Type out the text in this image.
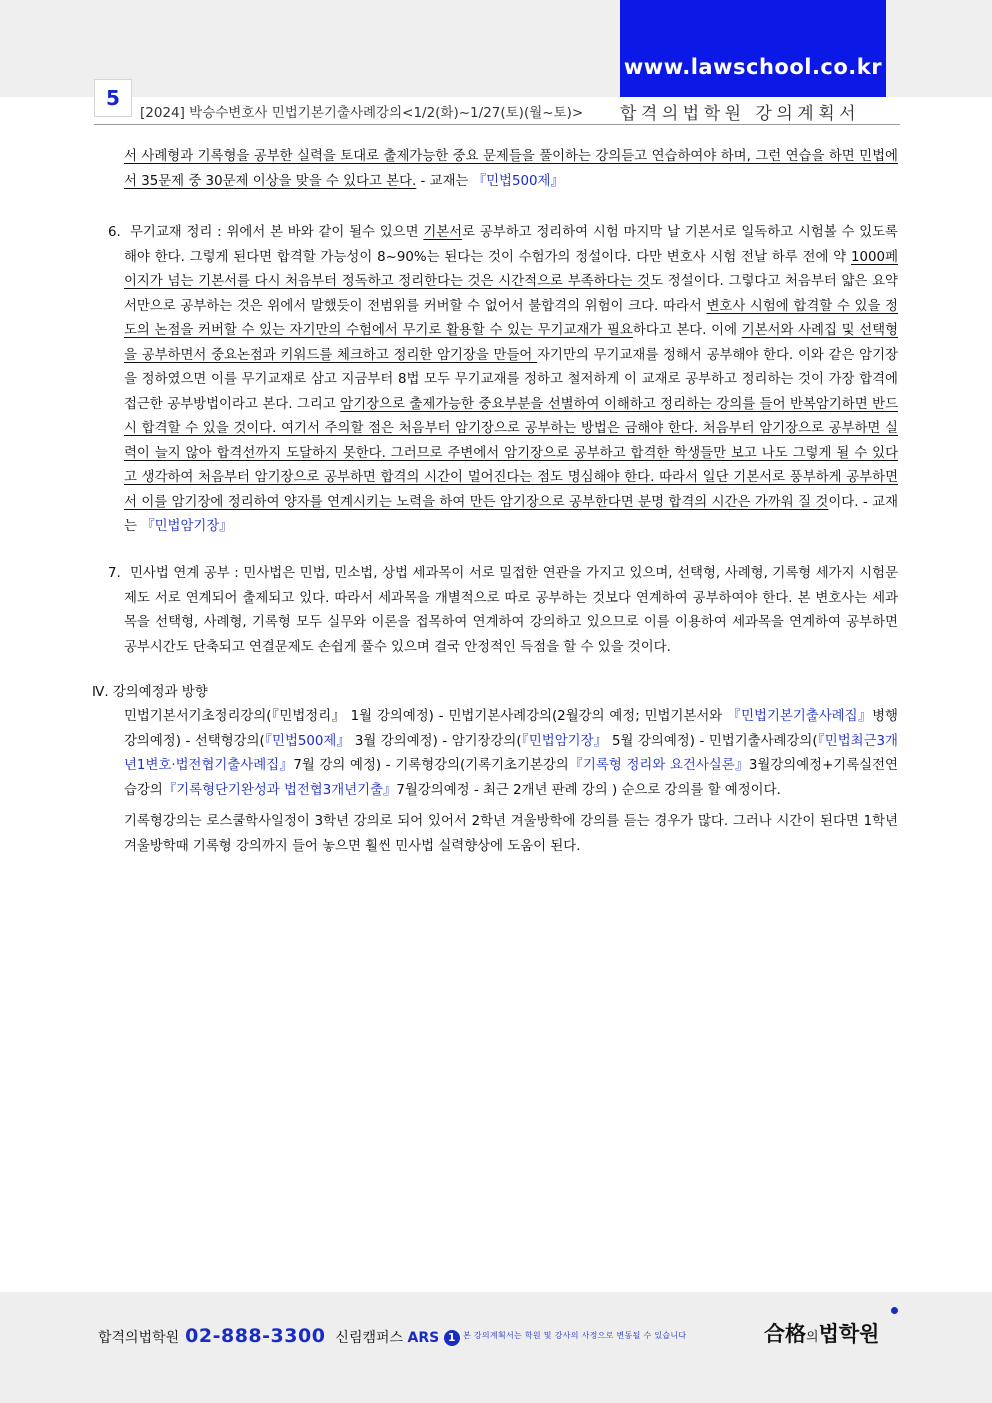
www.lawschool.co.kr
5
[2024] 박승수변호사 민법기본기출사례강의<1/2(화)~1/27(토)(월~토)> 합격의법학원 강의계획서
서 사례형과 기록형을 공부한 실력을 토대로 출제가능한 중요 문제들을 풀이하는 강의듣고 연습하여야 하며, 그런 연습을 하면 민법에서 35문제 중 30문제 이상을 맞을 수 있다고 본다. - 교재는 『민법500제』
6. 무기교재 정리 : 위에서 본 바와 같이 될수 있으면 기본서로 공부하고 정리하여 시험 마지막 날 기본서로 일독하고 시험볼 수 있도록 해야 한다. 그렇게 된다면 합격할 가능성이 8~90%는 된다는 것이 수험가의 정설이다. 다만 변호사 시험 전날 하루 전에 약 1000페이지가 넘는 기본서를 다시 처음부터 정독하고 정리한다는 것은 시간적으로 부족하다는 것도 정설이다. 그렇다고 처음부터 얇은 요약서만으로 공부하는 것은 위에서 말했듯이 전범위를 커버할 수 없어서 불합격의 위험이 크다. 따라서 변호사 시험에 합격할 수 있을 정도의 논점을 커버할 수 있는 자기만의 수험에서 무기로 활용할 수 있는 무기교재가 필요하다고 본다. 이에 기본서와 사례집 및 선택형을 공부하면서 중요논점과 키워드를 체크하고 정리한 암기장을 만들어 자기만의 무기교재를 정해서 공부해야 한다. 이와 같은 암기장을 정하였으면 이를 무기교재로 삼고 지금부터 8법 모두 무기교재를 정하고 철저하게 이 교재로 공부하고 정리하는 것이 가장 합격에 접근한 공부방법이라고 본다. 그리고 암기장으로 출제가능한 중요부분을 선별하여 이해하고 정리하는 강의를 들어 반복암기하면 반드시 합격할 수 있을 것이다. 여기서 주의할 점은 처음부터 암기장으로 공부하는 방법은 금해야 한다. 처음부터 암기장으로 공부하면 실력이 늘지 않아 합격선까지 도달하지 못한다. 그러므로 주변에서 암기장으로 공부하고 합격한 학생들만 보고 나도 그렇게 될 수 있다고 생각하여 처음부터 암기장으로 공부하면 합격의 시간이 멀어진다는 점도 명심해야 한다. 따라서 일단 기본서로 풍부하게 공부하면서 이를 암기장에 정리하여 양자를 연계시키는 노력을 하여 만든 암기장으로 공부한다면 분명 합격의 시간은 가까워 질 것이다. - 교재는 『민법암기장』
7. 민사법 연계 공부 : 민사법은 민법, 민소법, 상법 세과목이 서로 밀접한 연관을 가지고 있으며, 선택형, 사례형, 기록형 세가지 시험문제도 서로 연계되어 출제되고 있다. 따라서 세과목을 개별적으로 따로 공부하는 것보다 연계하여 공부하여야 한다. 본 변호사는 세과목을 선택형, 사례형, 기록형 모두 실무와 이론을 접목하여 연계하여 강의하고 있으므로 이를 이용하여 세과목을 연계하여 공부하면 공부시간도 단축되고 연결문제도 손쉽게 풀수 있으며 결국 안정적인 득점을 할 수 있을 것이다.
Ⅳ. 강의예정과 방향
민법기본서기초정리강의(『민법정리』 1월 강의예정) - 민법기본사례강의(2월강의 예정; 민법기본서와 『민법기본기출사례집』병행강의예정) - 선택형강의(『민법500제』 3월 강의예정) - 암기장강의(『민법암기장』 5월 강의예정) - 민법기출사례강의(『민법최근3개년1변호·법전협기출사례집』7월 강의 예정) - 기록형강의(기록기초기본강의『기록형 정리와 요건사실론』3월강의예정+기록실전연습강의『기록형단기완성과 법전협3개년기출』7월강의예정 - 최근 2개년 판례 강의 ) 순으로 강의를 할 예정이다.
기록형강의는 로스쿨학사일정이 3학년 강의로 되어 있어서 2학년 겨울방학에 강의를 듣는 경우가 많다. 그러나 시간이 된다면 1학년 겨울방학때 기록형 강의까지 들어 놓으면 훨씬 민사법 실력향상에 도움이 된다.
합격의법학원 02-888-3300 신림캠퍼스 ARS 1 본 강의계획서는 학원 및 강사의 사정으로 변동될 수 있습니다	合格의법학원
